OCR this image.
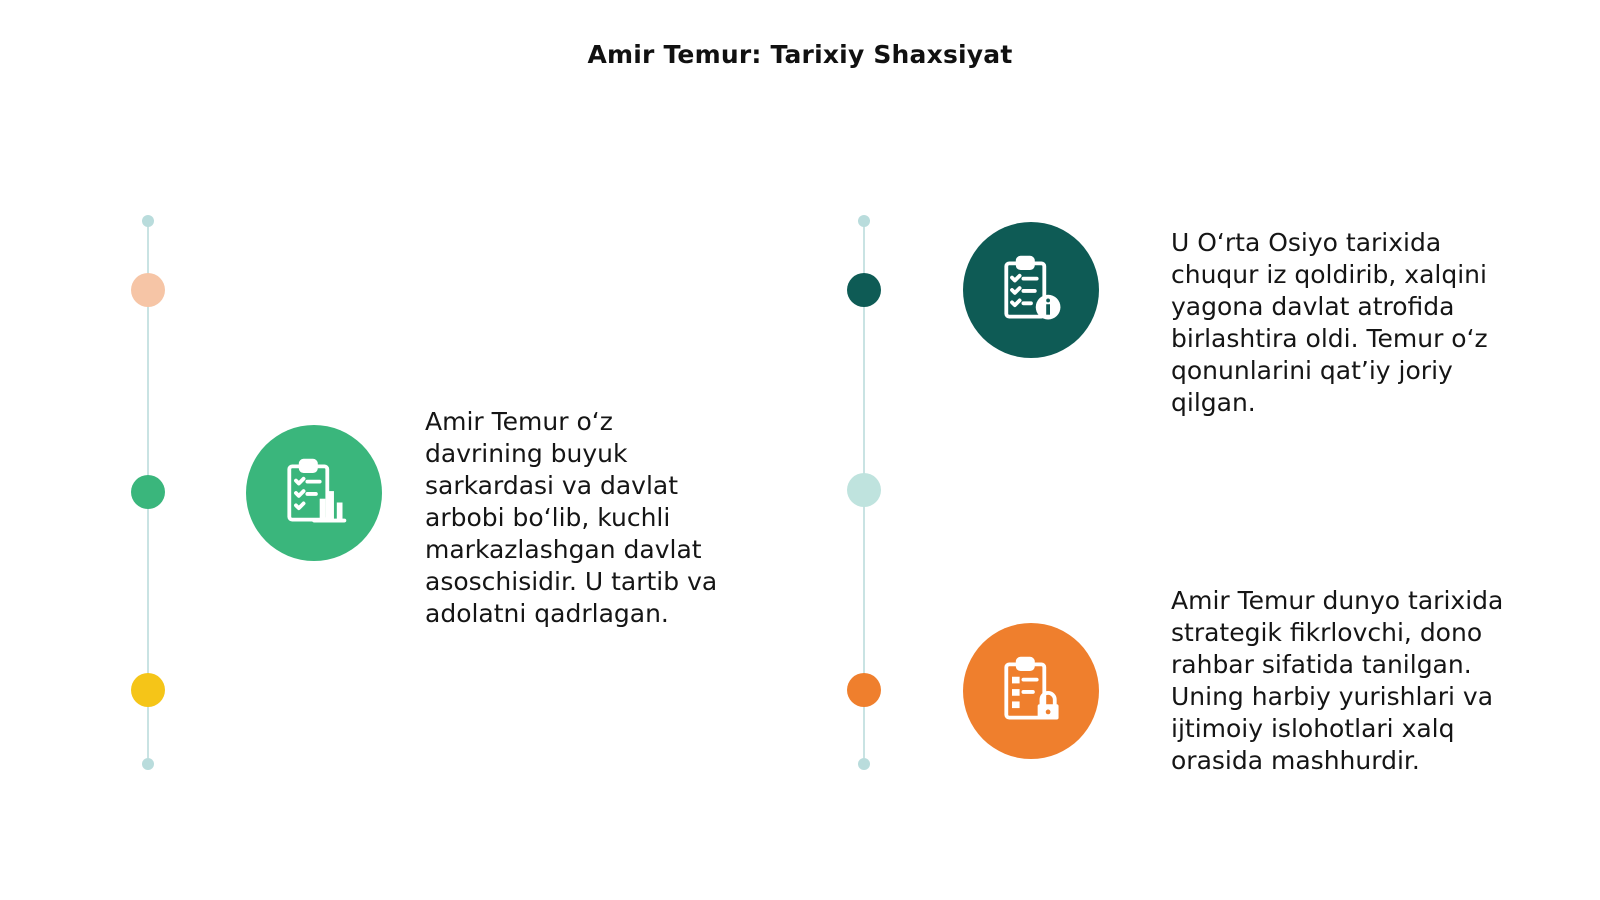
Amir Temur: Tarixiy Shaxsiyat
Amir Temur o‘z
davrining buyuk
sarkardasi va davlat
arbobi bo‘lib, kuchli
markazlashgan davlat
asoschisidir. U tartib va
adolatni qadrlagan.
U O‘rta Osiyo tarixida
chuqur iz qoldirib, xalqini
yagona davlat atrofida
birlashtira oldi. Temur o‘z
qonunlarini qat’iy joriy
qilgan.
Amir Temur dunyo tarixida
strategik fikrlovchi, dono
rahbar sifatida tanilgan.
Uning harbiy yurishlari va
ijtimoiy islohotlari xalq
orasida mashhurdir.
